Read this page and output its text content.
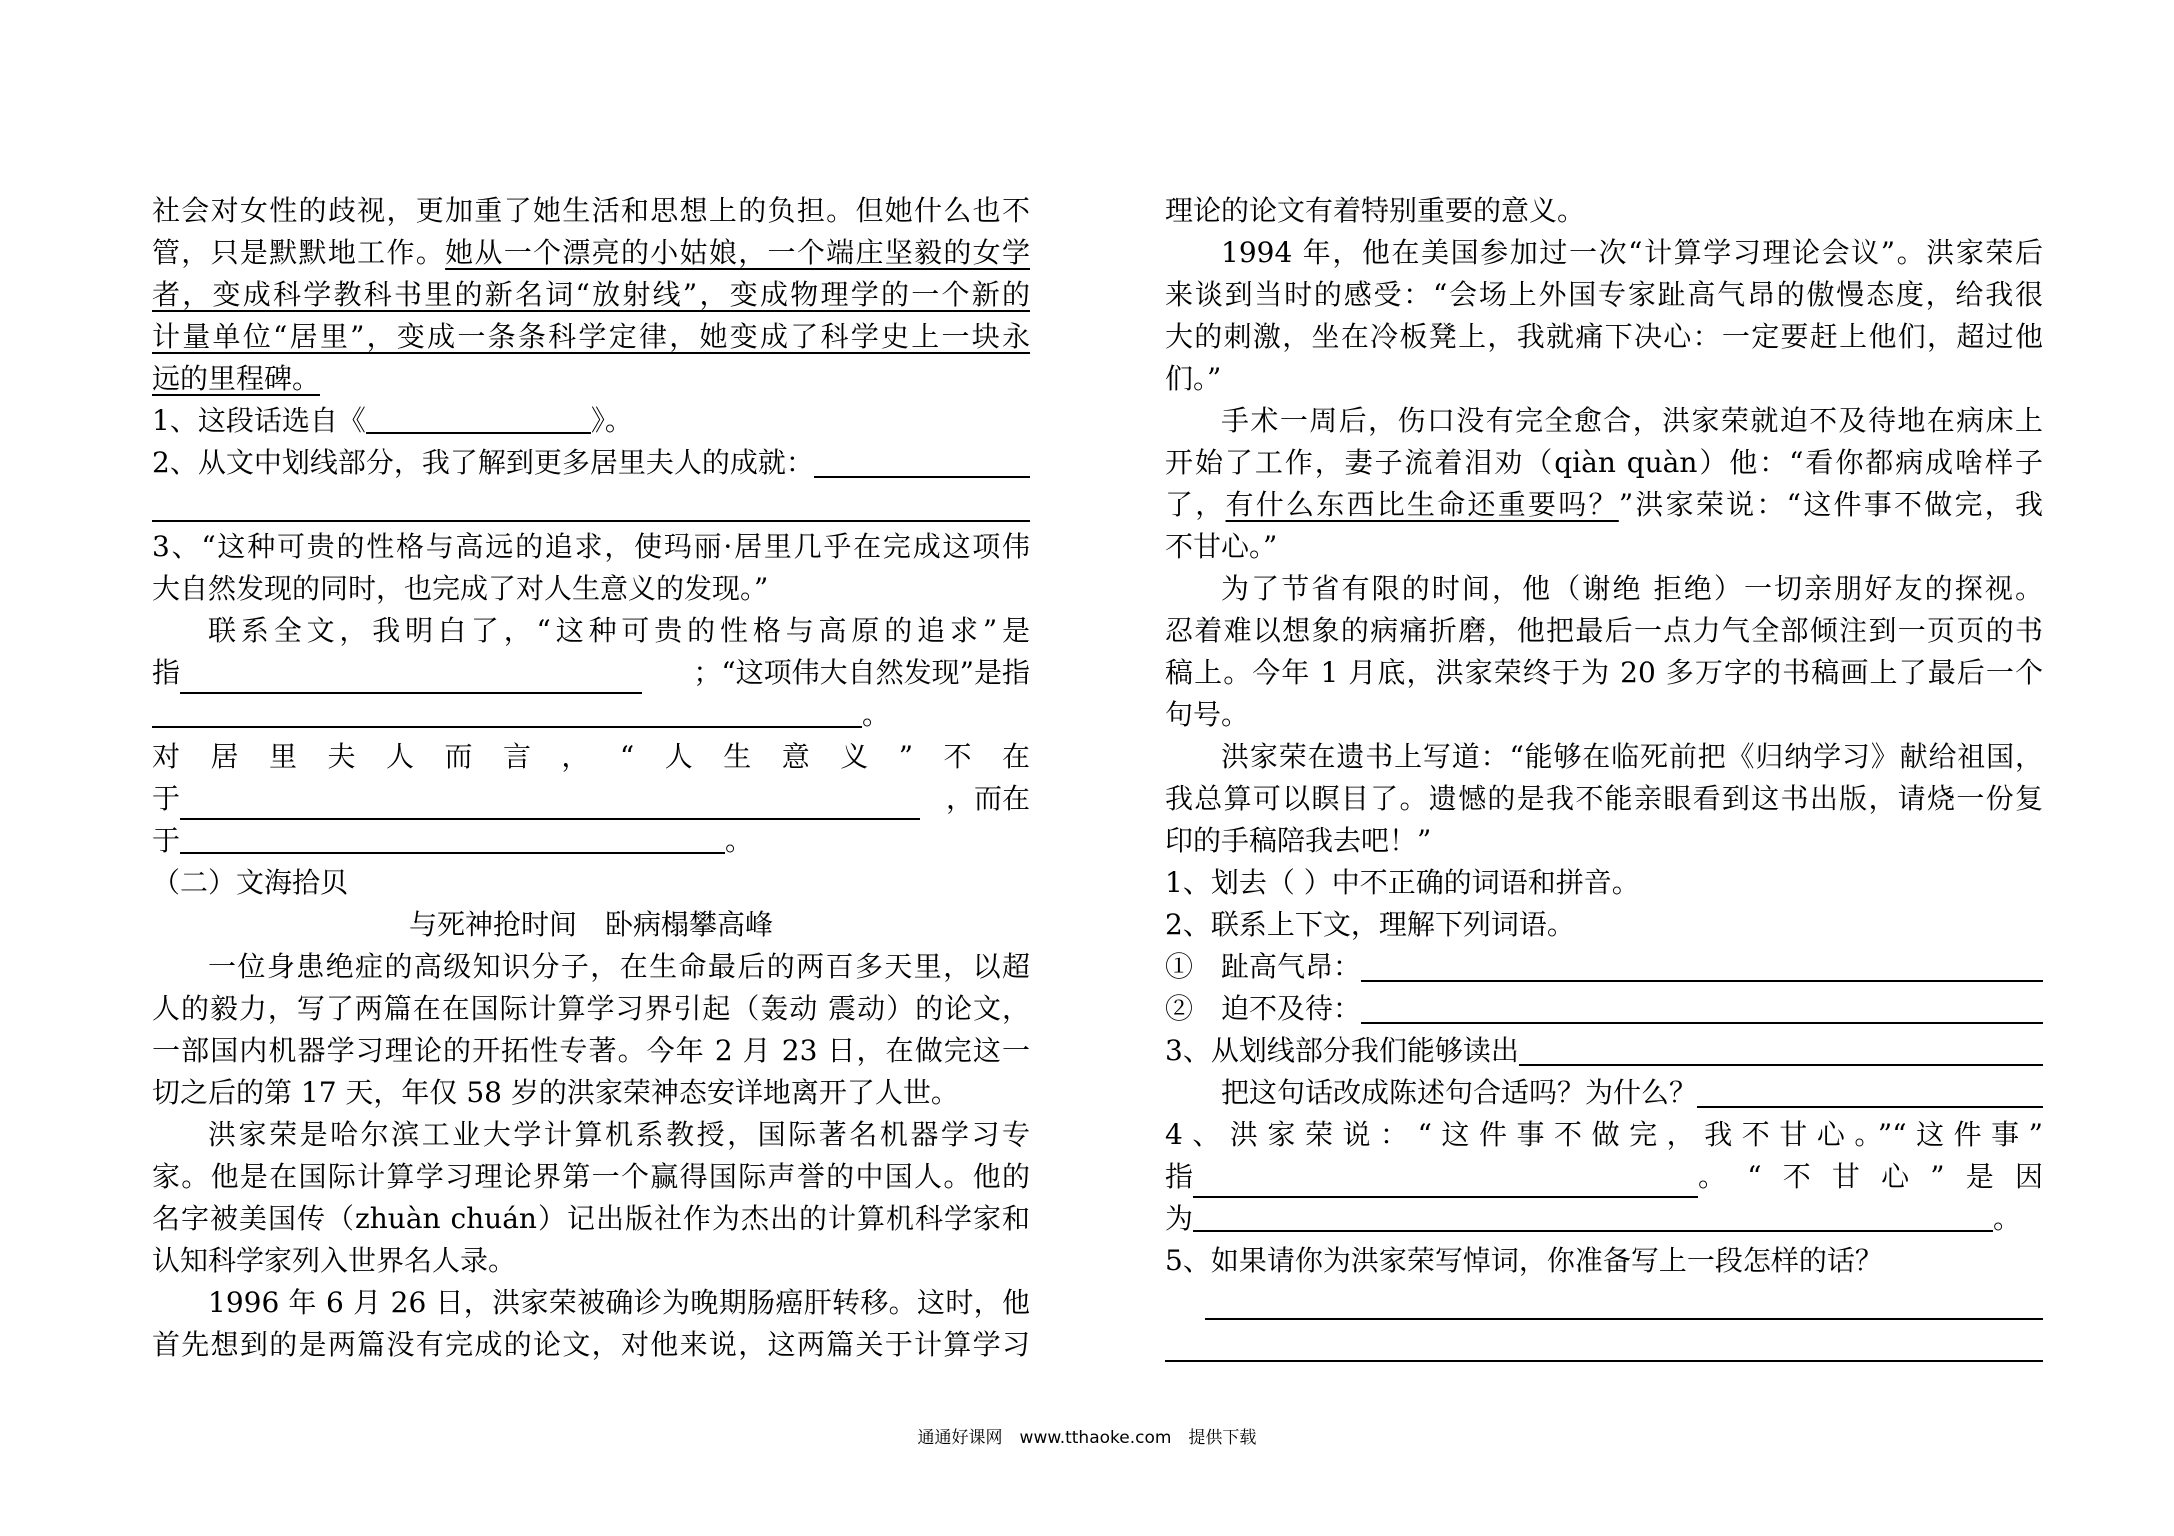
社会对女性的歧视，更加重了她生活和思想上的负担。但她什么也不
管，只是默默地工作。她从一个漂亮的小姑娘，一个端庄坚毅的女学
者，变成科学教科书里的新名词“放射线”，变成物理学的一个新的
计量单位“居里”，变成一条条科学定律，她变成了科学史上一块永
远的里程碑。
1、这段话选自《	》。
2、从文中划线部分，我了解到更多居里夫人的成就：
3、“这种可贵的性格与高远的追求，使玛丽·居里几乎在完成这项伟
大自然发现的同时，也完成了对人生意义的发现。”
联系全文，我明白了，“这种可贵的性格与高原的追求”是
指	；“这项伟大自然发现”是指
。
对居里夫人而言，“人生意义”不在
于	，而在
于	。
（二）文海拾贝
与死神抢时间　卧病榻攀高峰
一位身患绝症的高级知识分子，在生命最后的两百多天里，以超
人的毅力，写了两篇在在国际计算学习界引起（轰动 震动）的论文，
一部国内机器学习理论的开拓性专著。今年 2 月 23 日，在做完这一
切之后的第 17 天，年仅 58 岁的洪家荣神态安详地离开了人世。
洪家荣是哈尔滨工业大学计算机系教授，国际著名机器学习专
家。他是在国际计算学习理论界第一个赢得国际声誉的中国人。他的
名字被美国传（zhuàn chuán）记出版社作为杰出的计算机科学家和
认知科学家列入世界名人录。
1996 年 6 月 26 日，洪家荣被确诊为晚期肠癌肝转移。这时，他
首先想到的是两篇没有完成的论文，对他来说，这两篇关于计算学习
理论的论文有着特别重要的意义。
1994 年，他在美国参加过一次“计算学习理论会议”。洪家荣后
来谈到当时的感受：“会场上外国专家趾高气昂的傲慢态度，给我很
大的刺激，坐在冷板凳上，我就痛下决心：一定要赶上他们，超过他
们。”
手术一周后，伤口没有完全愈合，洪家荣就迫不及待地在病床上
开始了工作，妻子流着泪劝（qiàn quàn）他：“看你都病成啥样子
了，有什么东西比生命还重要吗？”洪家荣说：“这件事不做完，我
不甘心。”
为了节省有限的时间，他（谢绝 拒绝）一切亲朋好友的探视。
忍着难以想象的病痛折磨，他把最后一点力气全部倾注到一页页的书
稿上。今年 1 月底，洪家荣终于为 20 多万字的书稿画上了最后一个
句号。
洪家荣在遗书上写道：“能够在临死前把《归纳学习》献给祖国，
我总算可以瞑目了。遗憾的是我不能亲眼看到这书出版，请烧一份复
印的手稿陪我去吧！”
1、划去（ ）中不正确的词语和拼音。
2、联系上下文，理解下列词语。
①　趾高气昂：
②　迫不及待：
3、从划线部分我们能够读出
把这句话改成陈述句合适吗？为什么？
4、洪家荣说：“这件事不做完，我不甘心。”“这件事”
指	。“不甘心”是因
为	。
5、如果请你为洪家荣写悼词，你准备写上一段怎样的话？
通通好课网　www.tthaoke.com　提供下载
